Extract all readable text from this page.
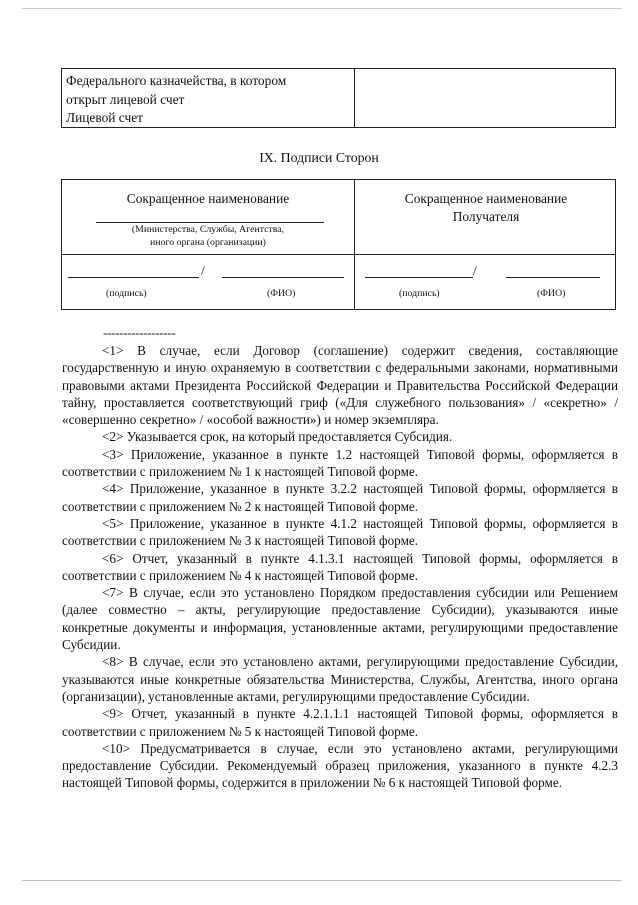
Федерального казначейства, в котором
открыт лицевой счет
Лицевой счет
IX. Подписи Сторон
Сокращенное наименование
(Министерства, Службы, Агентства,
иного органа (организации)
Сокращенное наименование
Получателя
/
(подпись)	(ФИО)
/
(подпись)	(ФИО)
------------------

<1> В случае, если Договор (соглашение) содержит сведения, составляющие государственную и иную охраняемую в соответствии с федеральными законами, нормативными правовыми актами Президента Российской Федерации и Правительства Российской Федерации тайну, проставляется соответствующий гриф («Для служебного пользования» / «секретно» / «совершенно секретно» / «особой важности») и номер экземпляра.

<2> Указывается срок, на который предоставляется Субсидия.

<3> Приложение, указанное в пункте 1.2 настоящей Типовой формы, оформляется в соответствии с приложением № 1 к настоящей Типовой форме.

<4> Приложение, указанное в пункте 3.2.2 настоящей Типовой формы, оформляется в соответствии с приложением № 2 к настоящей Типовой форме.

<5> Приложение, указанное в пункте 4.1.2 настоящей Типовой формы, оформляется в соответствии с приложением № 3 к настоящей Типовой форме.

<6> Отчет, указанный в пункте 4.1.3.1 настоящей Типовой формы, оформляется в соответствии с приложением № 4 к настоящей Типовой форме.

<7> В случае, если это установлено Порядком предоставления субсидии или Решением (далее совместно – акты, регулирующие предоставление Субсидии), указываются иные конкретные документы и информация, установленные актами, регулирующими предоставление Субсидии.

<8> В случае, если это установлено актами, регулирующими предоставление Субсидии, указываются иные конкретные обязательства Министерства, Службы, Агентства, иного органа (организации), установленные актами, регулирующими предоставление Субсидии.

<9> Отчет, указанный в пункте 4.2.1.1.1 настоящей Типовой формы, оформляется в соответствии с приложением № 5 к настоящей Типовой форме.

<10> Предусматривается в случае, если это установлено актами, регулирующими предоставление Субсидии. Рекомендуемый образец приложения, указанного в пункте 4.2.3 настоящей Типовой формы, содержится в приложении № 6 к настоящей Типовой форме.
